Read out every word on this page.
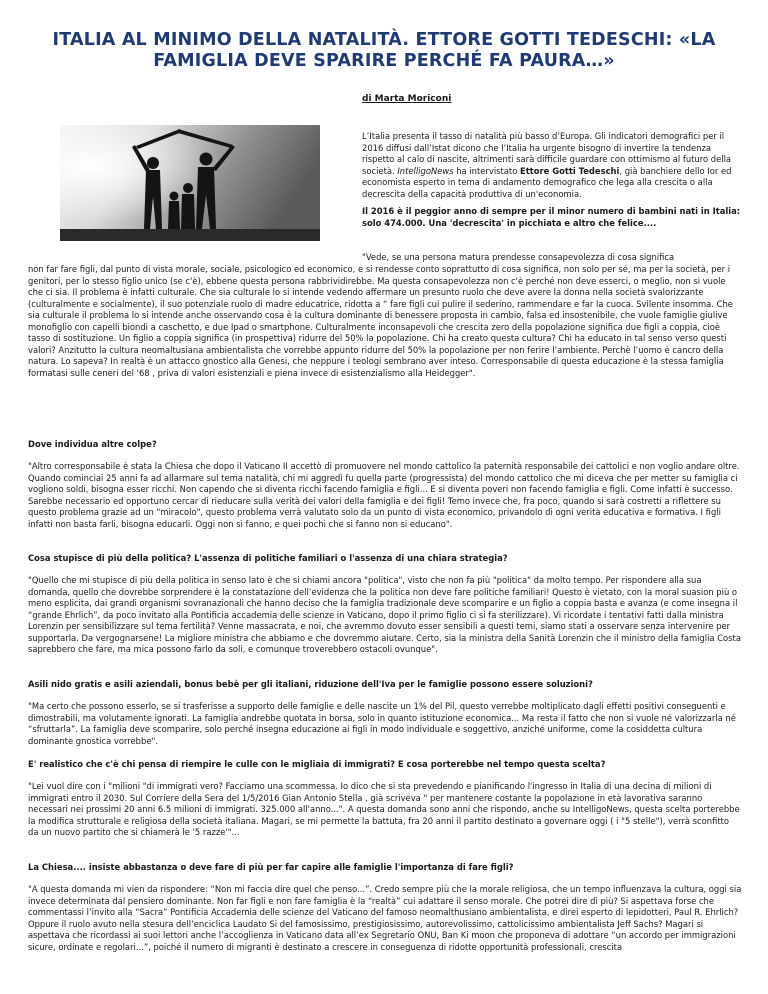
ITALIA AL MINIMO DELLA NATALITÀ. ETTORE GOTTI TEDESCHI: «LA
FAMIGLIA DEVE SPARIRE PERCHÉ FA PAURA…»

di Marta Moriconi

L’Italia presenta il tasso di natalità più basso d’Europa. Gli indicatori demografici per il 2016 diffusi dall’Istat dicono che l’Italia ha urgente bisogno di invertire la tendenza rispetto al calo di nascite, altrimenti sarà difficile guardare con ottimismo al futuro della società. IntelligoNews ha intervistato Ettore Gotti Tedeschi, già banchiere dello Ior ed economista esperto in tema di andamento demografico che lega alla crescita o alla decrescita della capacità produttiva di un'economia.

Il 2016 è il peggior anno di sempre per il minor numero di bambini nati in Italia: solo 474.000. Una 'decrescita' in picchiata e altro che felice....

"Vede, se una persona matura prendesse consapevolezza di cosa significa

non far fare figli, dal punto di vista morale, sociale, psicologico ed economico, e si rendesse conto soprattutto di cosa significa, non solo per sé, ma per la società, per i genitori, per lo stesso figlio unico (se c'è), ebbene questa persona rabbrividirebbe. Ma questa consapevolezza non c'è perché non deve esserci, o meglio, non si vuole che ci sia. Il problema è infatti culturale. Che sia culturale lo si intende vedendo affermare un presunto ruolo che deve avere la donna nella società svalorizzante (culturalmente e socialmente), il suo potenziale ruolo di madre educatrice, ridotta a “ fare figli cui pulire il sederino, rammendare e far la cuoca. Svilente insomma. Che sia culturale il problema lo si intende anche osservando cosa è la cultura dominante di benessere proposta in cambio, falsa ed insostenibile, che vuole famiglie giulive monofiglio con capelli biondi a caschetto, e due Ipad o smartphone. Culturalmente inconsapevoli che crescita zero della popolazione significa due figli a coppia, cioè tasso di sostituzione. Un figlio a coppia significa (in prospettiva) ridurre del 50% la popolazione. Chi ha creato questa cultura? Chi ha educato in tal senso verso questi valori? Anzitutto la cultura neomaltusiana ambientalista che vorrebbe appunto ridurre del 50% la popolazione per non ferire l’ambiente. Perchè l’uomo è cancro della natura. Lo sapeva? In realtà è un attacco gnostico alla Genesi, che neppure i teologi sembrano aver inteso. Corresponsabile di questa educazione è la stessa famiglia formatasi sulle ceneri del '68 , priva di valori esistenziali e piena invece di esistenzialismo alla Heidegger".

Dove individua altre colpe?

"Altro corresponsabile è stata la Chiesa che dopo il Vaticano II accettò di promuovere nel mondo cattolico la paternità responsabile dei cattolici e non voglio andare oltre. Quando cominciai 25 anni fa ad allarmare sul tema natalità, chi mi aggredì fu quella parte (progressista) del mondo cattolico che mi diceva che per metter su famiglia ci vogliono soldi, bisogna esser ricchi. Non capendo che si diventa ricchi facendo famiglia e figli... E si diventa poveri non facendo famiglia e figli. Come infatti è successo. Sarebbe necessario ed opportuno cercar di rieducare sulla verità dei valori della famiglia e dei figli! Temo invece che, fra poco, quando si sarà costretti a riflettere su questo problema grazie ad un "miracolo", questo problema verrà valutato solo da un punto di vista economico, privandolo di ogni verità educativa e formativa. I figli infatti non basta farli, bisogna educarli. Oggi non si fanno, e quei pochi che si fanno non si educano".

Cosa stupisce di più della politica? L'assenza di politiche familiari o l'assenza di una chiara strategia?

"Quello che mi stupisce di più della politica in senso lato è che si chiami ancora "politica", visto che non fa più "politica" da molto tempo. Per rispondere alla sua domanda, quello che dovrebbe sorprendere è la constatazione dell’evidenza che la politica non deve fare politiche familiari! Questo è vietato, con la moral suasion più o meno esplicita, dai grandi organismi sovranazionali che hanno deciso che la famiglia tradizionale deve scomparire e un figlio a coppia basta e avanza (e come insegna il “grande Ehrlich”, da poco invitato alla Pontificia accademia delle scienze in Vaticano, dopo il primo figlio ci si fa sterilizzare). Vi ricordate i tentativi fatti dalla ministra Lorenzin per sensibilizzare sul tema fertilità? Venne massacrata, e noi, che avremmo dovuto esser sensibili a questi temi, siamo stati a osservare senza intervenire per supportarla. Da vergognarsene! La migliore ministra che abbiamo e che dovremmo aiutare. Certo, sia la ministra della Sanità Lorenzin che il ministro della famiglia Costa saprebbero che fare, ma mica possono farlo da soli, e comunque troverebbero ostacoli ovunque".

Asili nido gratis e asili aziendali, bonus bebè per gli italiani, riduzione dell'Iva per le famiglie possono essere soluzioni?

"Ma certo che possono esserlo, se si trasferisse a supporto delle famiglie e delle nascite un 1% del Pil, questo verrebbe moltiplicato dagli effetti positivi conseguenti e dimostrabili, ma volutamente ignorati. La famiglia andrebbe quotata in borsa, solo in quanto istituzione economica... Ma resta il fatto che non si vuole né valorizzarla né “sfruttarla”. La famiglia deve scomparire, solo perché insegna educazione ai figli in modo individuale e soggettivo, anziché uniforme, come la cosiddetta cultura dominante gnostica vorrebbe".

E' realistico che c'è chi pensa di riempire le culle con le migliaia di immigrati? E cosa porterebbe nel tempo questa scelta?

"Lei vuol dire con i "milioni "di immigrati vero? Facciamo una scommessa. Io dico che si sta prevedendo e pianificando l'ingresso in Italia di una decina di milioni di immigrati entro il 2030. Sul Corriere della Sera del 1/5/2016 Gian Antonio Stella , già scriveva " per mantenere costante la popolazione in età lavorativa saranno necessari nei prossimi 20 anni 6.5 milioni di immigrati. 325.000 all'anno...". A questa domanda sono anni che rispondo, anche su IntelligoNews, questa scelta porterebbe la modifica strutturale e religiosa della società italiana. Magari, se mi permette la battuta, fra 20 anni il partito destinato a governare oggi ( i "5 stelle"), verrà sconfitto da un nuovo partito che si chiamerà le '5 razze'"...

La Chiesa.... insiste abbastanza o deve fare di più per far capire alle famiglie l'importanza di fare figli?

"A questa domanda mi vien da rispondere: “Non mi faccia dire quel che penso...”. Credo sempre più che la morale religiosa, che un tempo influenzava la cultura, oggi sia invece determinata dal pensiero dominante. Non far figli e non fare famiglia è la “realtà” cui adattare il senso morale. Che potrei dire di più? Si aspettava forse che commentassi l’invito alla “Sacra” Pontificia Accademia delle scienze del Vaticano del famoso neomalthusiano ambientalista, e direi esperto di lepidotteri, Paul R. Ehrlich? Oppure il ruolo avuto nella stesura dell’enciclica Laudato Si del famosissimo, prestigiosissimo, autorevolissimo, cattolicissimo ambientalista Jeff Sachs? Magari si aspettava che ricordassi ai suoi lettori anche l’accoglienza in Vaticano data all’ex Segretario ONU, Ban Ki moon che proponeva di adottare “un accordo per immigrazioni sicure, ordinate e regolari...”, poiché il numero di migranti è destinato a crescere in conseguenza di ridotte opportunità professionali, crescita
